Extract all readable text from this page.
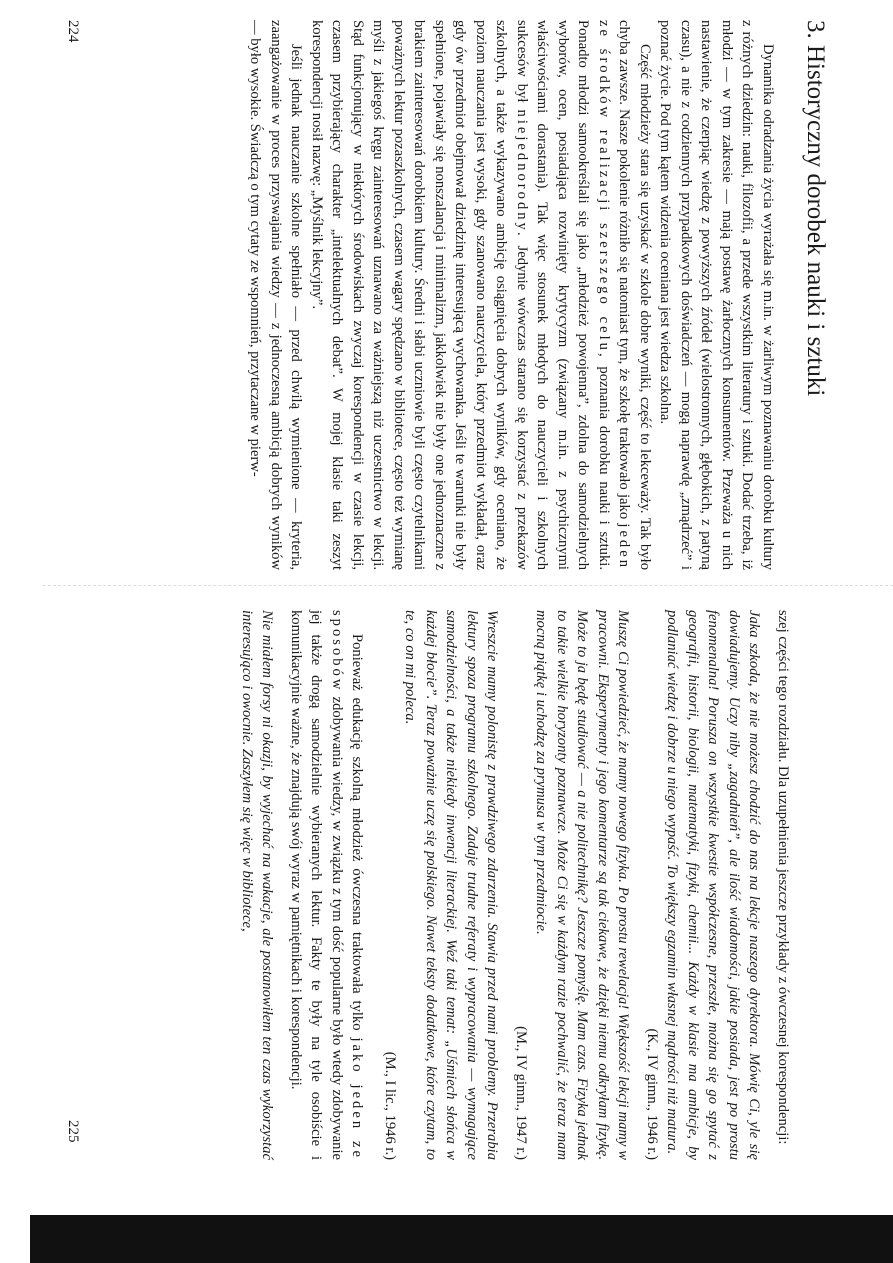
3. Historyczny dorobek nauki i sztuki

Dynamika odradzania życia wyrażała się m.in. w żarliwym poznawaniu dorobku kultury z różnych dziedzin: nauki, filozofii, a przede wszystkim literatury i sztuki. Dodać trzeba, iż młodzi — w tym zakresie — mają postawę żarłocznych konsumentów. Przeważa u nich nastawienie, że czerpiąc wiedzę z powyższych źródeł (wielostronnych, głębokich, z patyną czasu), a nie z codziennych przypadkowych doświadczeń — mogą naprawdę „zmądrzeć” i poznać życie. Pod tym kątem widzenia oceniana jest wiedza szkolna.

Część młodzieży stara się uzyskać w szkole dobre wyniki, część to lekceważy. Tak było chyba zawsze. Nasze pokolenie różniło się natomiast tym, że szkołę traktowało jako jeden ze środków realizacji szerszego celu, poznania dorobku nauki i sztuki. Ponadto młodzi samookreślali się jako „młodzież powojenna”, zdolna do samodzielnych wyborów, ocen, posiadająca rozwinięty krytycyzm (związany m.in. z psychicznymi właściwościami dorastania). Tak więc stosunek młodych do nauczycieli i szkolnych sukcesów był niejednorodny. Jedynie wówczas starano się korzystać z przekazów szkolnych, a także wykazywano ambicję osiągnięcia dobrych wyników, gdy oceniano, że poziom nauczania jest wysoki, gdy szanowano nauczyciela, który przedmiot wykładał, oraz gdy ów przedmiot obejmował dziedzinę interesującą wychowanka. Jeśli te warunki nie były spełnione, pojawiały się nonszalancja i minimalizm, jakkolwiek nie były one jednoznaczne z brakiem zainteresowań dorobkiem kultury. Średni i słabi uczniowie byli często czytelnikami poważnych lektur pozaszkolnych, czasem wagary spędzano w bibliotece, często też wymianę myśli z jakiegoś kręgu zainteresowań uznawano za ważniejszą niż uczestnictwo w lekcji. Stąd funkcjonujący w niektórych środowiskach zwyczaj korespondencji w czasie lekcji, czasem przybierający charakter „intelektualnych debat”. W mojej klasie taki zeszyt korespondencji nosił nazwę: „Myślnik lekcyjny”.

Jeśli jednak nauczanie szkolne spełniało — przed chwilą wymienione — kryteria, zaangażowanie w proces przyswajania wiedzy — z jednoczesną ambicją dobrych wyników — było wysokie. Świadczą o tym cytaty ze wspomnień, przytaczane w pierw-

224

szej części tego rozdziału. Dla uzupełnienia jeszcze przykłady z ówczesnej korespondencji:

Jaka szkoda, że nie możesz chodzić do nas na lekcje naszego dyrektora. Mówię Ci, yle się dowiadujemy. Uczy niby „zagadnień”, ale ilość wiadomości, jakie posiada, jest po prostu fenomenalna! Porusza on wszystkie kwestie współczesne, przeszłe, można się go spytać z geografii, historii, biologii, matematyki, fizyki, chemii... Każdy w klasie ma ambicje, by podlaniać wiedzę i dobrze u niego wypaść. To większy egzamin własnej mądrości niż matura.

(K., IV gimn., 1946 r.)

Muszę Ci powiedzieć, że mamy nowego fizyka. Po prostu rewelacja! Większość lekcji mamy w pracowni. Eksperymenty i jego komentarze są tak ciekawe, że dzięki niemu odkryłam fizykę. Może to ja będę studiować — a nie politechnikę? Jeszcze pomyślę. Mam czas. Fizyka jednak to takie wielkie horyzonty poznawcze. Może Ci się w każdym razie pochwalić, że teraz mam mocną piątkę i uchodzę za prymusa w tym przedmiocie.

(M., IV gimn., 1947 r.)

Wreszcie mamy polonistę z prawdziwego zdarzenia. Stawia przed nami problemy. Przerabia lektury spoza programu szkolnego. Zadaje trudne referaty i wypracowania — wymagające samodzielności, a także niekiedy inwencji literackiej. Weź taki temat: „Uśmiech słońca w każdej błocie”. Teraz poważnie uczę się polskiego. Nawet teksty dodatkowe, które czytam, to te, co on mi poleca.

(M., I lic., 1946 r.)

Ponieważ edukację szkolną młodzież ówczesna traktowała tylko jako jeden ze sposobów zdobywania wiedzy, w związku z tym dość popularne było wtedy zdobywanie jej także drogą samodzielnie wybieranych lektur. Fakty te były na tyle osobiście i komunikacyjnie ważne, że znajdują swój wyraz w pamiętnikach i korespondencji.

Nie miałem forsy ni okazji, by wyjechać na wakacje, ale postanowiłem ten czas wykorzystać interesująco i owocnie. Zaszyłem się więc w bibliotece,

225
